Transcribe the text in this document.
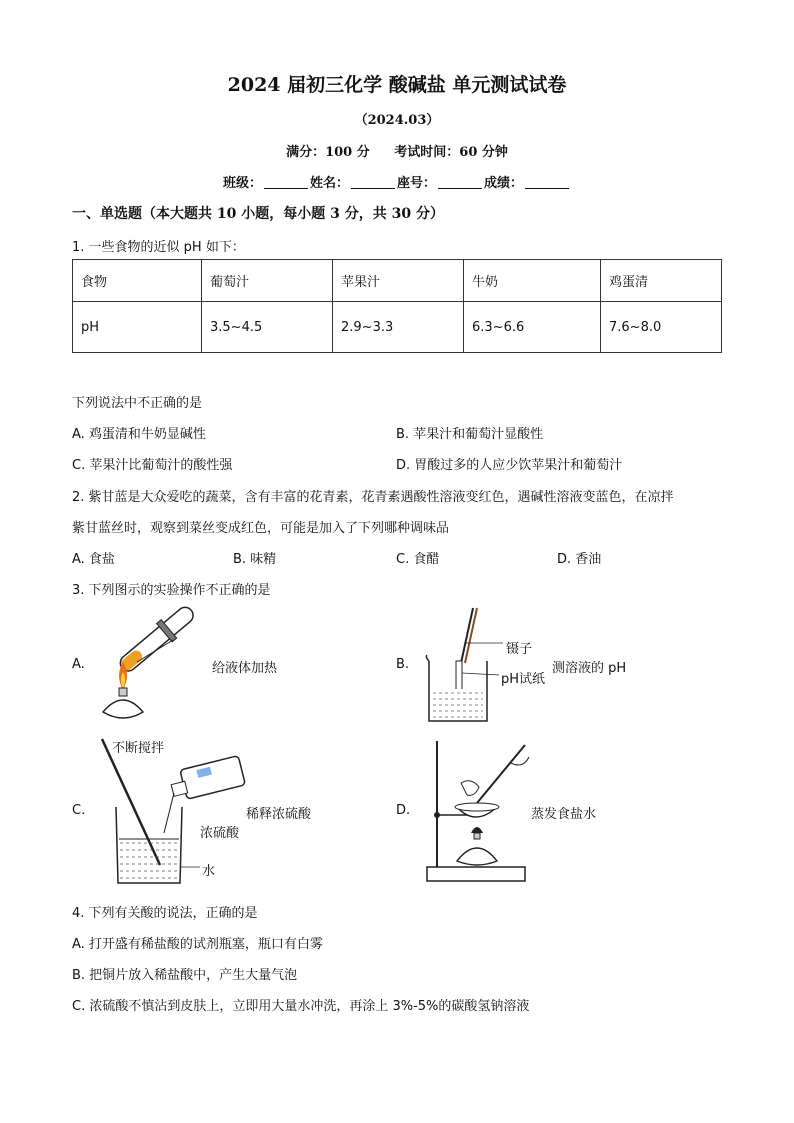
2024 届初三化学 酸碱盐 单元测试试卷
（2024.03）
满分：100 分 考试时间：60 分钟
班级：	姓名：	座号：	成绩：
一、单选题（本大题共 10 小题，每小题 3 分，共 30 分）
1. 一些食物的近似 pH 如下：
食物	葡萄汁	苹果汁	牛奶	鸡蛋清
pH	3.5~4.5	2.9~3.3	6.3~6.6	7.6~8.0
下列说法中不正确的是
A. 鸡蛋清和牛奶显碱性	B. 苹果汁和葡萄汁显酸性
C. 苹果汁比葡萄汁的酸性强	D. 胃酸过多的人应少饮苹果汁和葡萄汁
2. 紫甘蓝是大众爱吃的蔬菜，含有丰富的花青素，花青素遇酸性溶液变红色，遇碱性溶液变蓝色，在凉拌
紫甘蓝丝时，观察到菜丝变成红色，可能是加入了下列哪种调味品
A. 食盐	B. 味精	C. 食醋	D. 香油
3. 下列图示的实验操作不正确的是
A.	给液体加热	B.
镊子
pH试纸
测溶液的 pH
C.
不断搅拌
稀释浓硫酸
浓硫酸
水
D.	蒸发食盐水
4. 下列有关酸的说法，正确的是
A. 打开盛有稀盐酸的试剂瓶塞，瓶口有白雾
B. 把铜片放入稀盐酸中，产生大量气泡
C. 浓硫酸不慎沾到皮肤上，立即用大量水冲洗，再涂上 3%-5%的碳酸氢钠溶液
